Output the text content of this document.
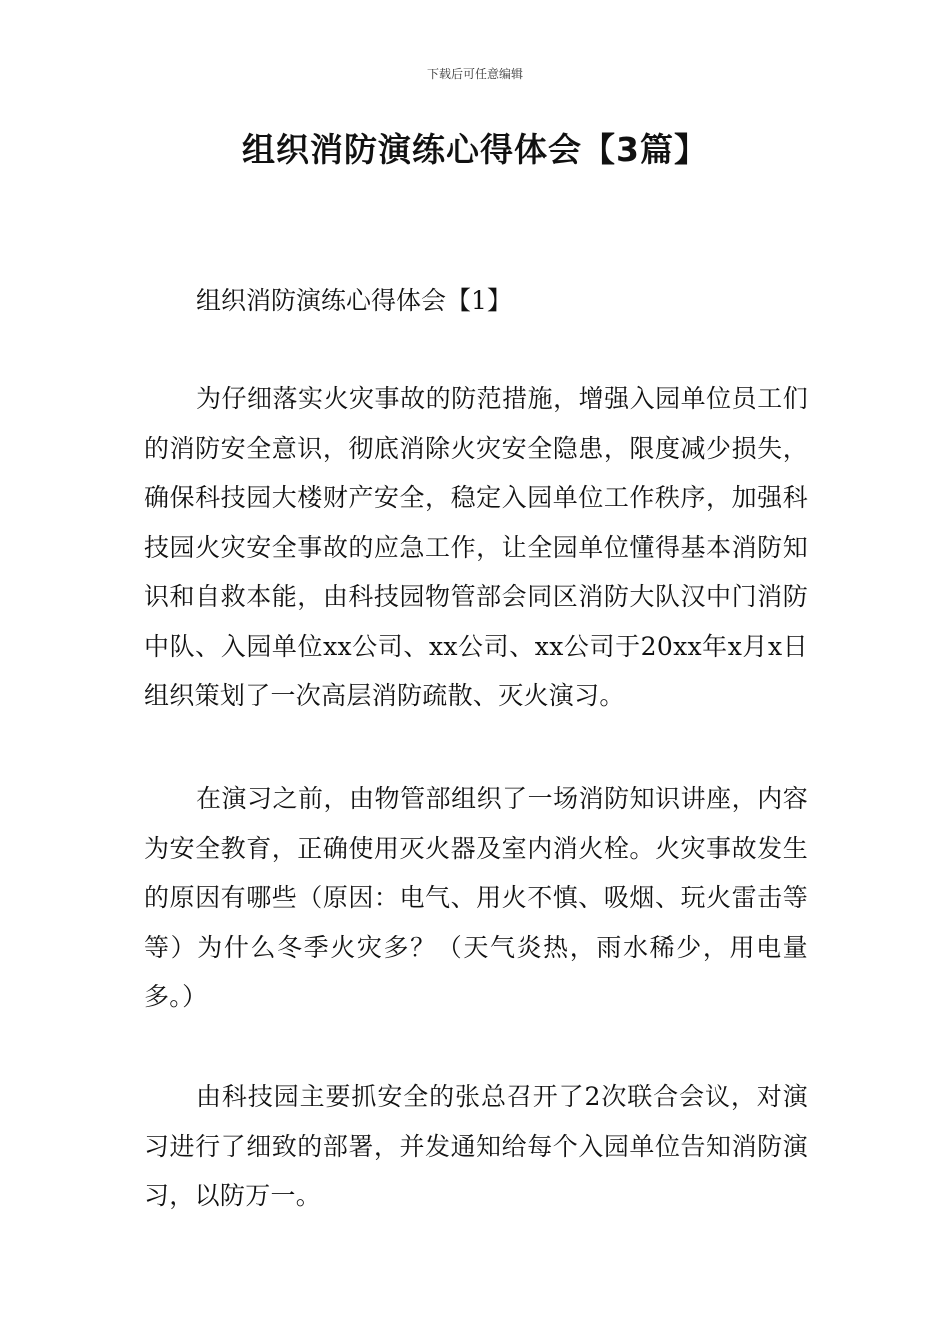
下载后可任意编辑
组织消防演练心得体会【3篇】
组织消防演练心得体会【1】

为仔细落实火灾事故的防范措施，增强入园单位员工们的消防安全意识，彻底消除火灾安全隐患，限度减少损失，确保科技园大楼财产安全，稳定入园单位工作秩序，加强科技园火灾安全事故的应急工作，让全园单位懂得基本消防知识和自救本能，由科技园物管部会同区消防大队汉中门消防中队、入园单位xx公司、xx公司、xx公司于20xx年x月x日组织策划了一次高层消防疏散、灭火演习。

在演习之前，由物管部组织了一场消防知识讲座，内容为安全教育，正确使用灭火器及室内消火栓。火灾事故发生的原因有哪些（原因：电气、用火不慎、吸烟、玩火雷击等等）为什么冬季火灾多？（天气炎热，雨水稀少，用电量多。）

由科技园主要抓安全的张总召开了2次联合会议，对演习进行了细致的部署，并发通知给每个入园单位告知消防演习，以防万一。
